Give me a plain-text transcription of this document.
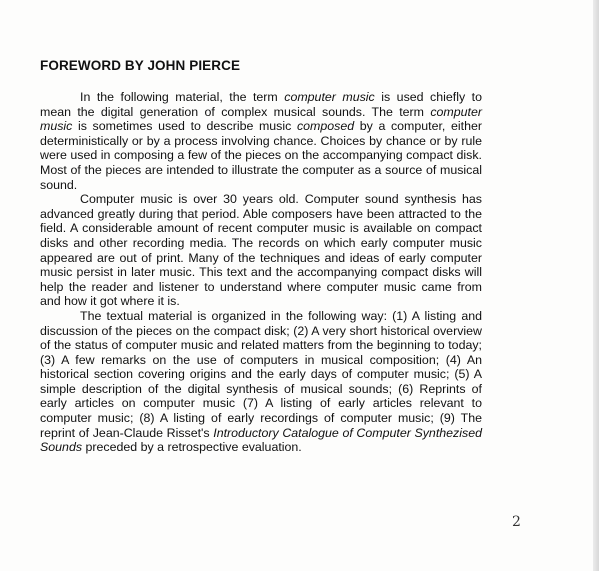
FOREWORD BY JOHN PIERCE

In the following material, the term computer music is used chiefly to mean the digital generation of complex musical sounds. The term computer music is sometimes used to describe music composed by a computer, either deterministically or by a process involving chance. Choices by chance or by rule were used in composing a few of the pieces on the accompanying compact disk. Most of the pieces are intended to illustrate the computer as a source of musical sound.

Computer music is over 30 years old. Computer sound synthesis has advanced greatly during that period. Able composers have been attracted to the field. A considerable amount of recent computer music is available on compact disks and other recording media. The records on which early computer music appeared are out of print. Many of the techniques and ideas of early computer music persist in later music. This text and the accompanying compact disks will help the reader and listener to understand where computer music came from and how it got where it is.

The textual material is organized in the following way: (1) A listing and discussion of the pieces on the compact disk; (2) A very short historical overview of the status of computer music and related matters from the beginning to today; (3) A few remarks on the use of computers in musical composition; (4) An historical section covering origins and the early days of computer music; (5) A simple description of the digital synthesis of musical sounds; (6) Reprints of early articles on computer music (7) A listing of early articles relevant to computer music; (8) A listing of early recordings of computer music; (9) The reprint of Jean-Claude Risset's Introductory Catalogue of Computer Synthezised Sounds preceded by a retrospective evaluation.

2
